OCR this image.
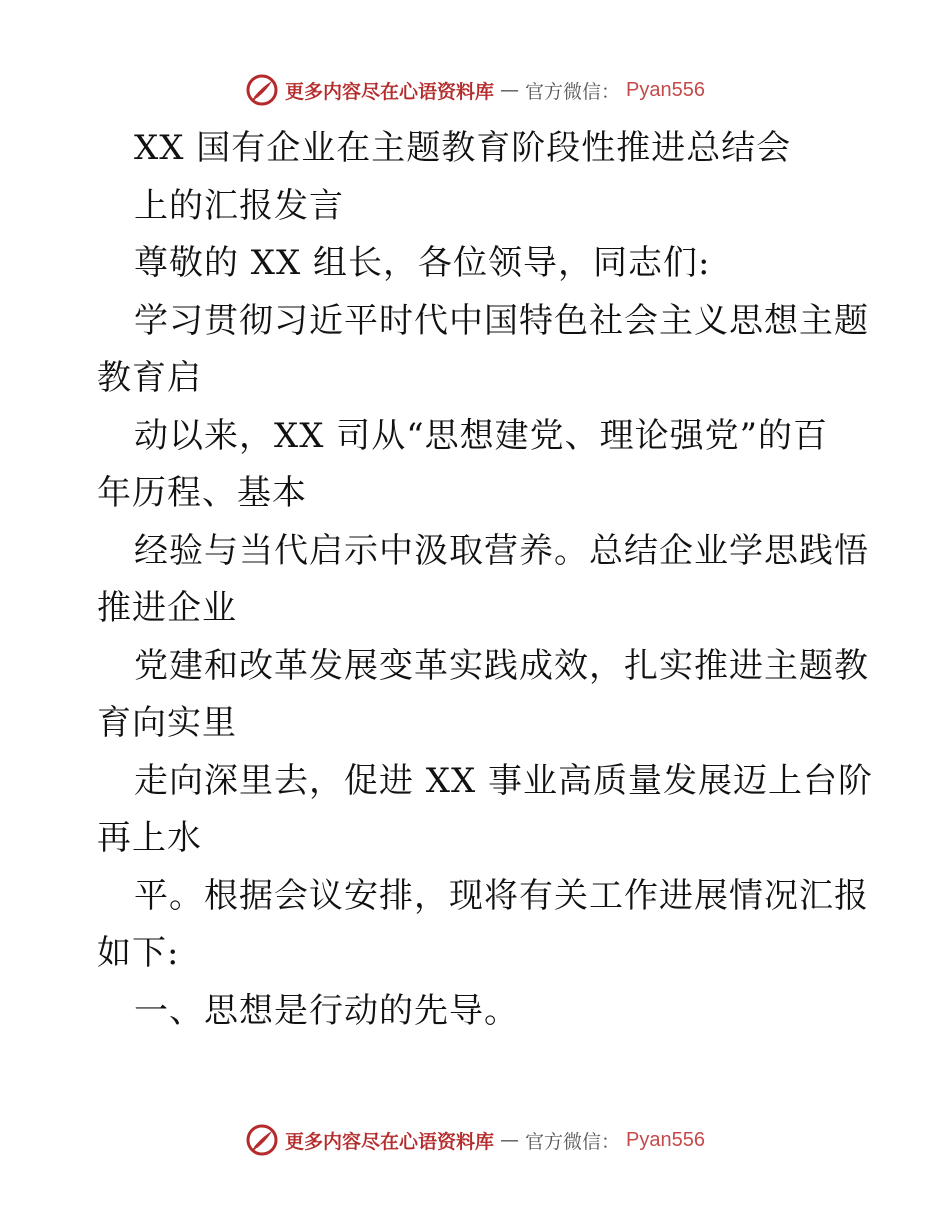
更多内容尽在心语资料库 — 官方微信： Pyan556
XX 国有企业在主题教育阶段性推进总结会
上的汇报发言
尊敬的 XX 组长，各位领导，同志们:
学习贯彻习近平时代中国特色社会主义思想主题
教育启
动以来，XX 司从“思想建党、理论强党”的百
年历程、基本
经验与当代启示中汲取营养。总结企业学思践悟
推进企业
党建和改革发展变革实践成效，扎实推进主题教
育向实里
走向深里去，促进 XX 事业高质量发展迈上台阶
再上水
平。根据会议安排，现将有关工作进展情况汇报
如下:
一、思想是行动的先导。
更多内容尽在心语资料库 — 官方微信： Pyan556
